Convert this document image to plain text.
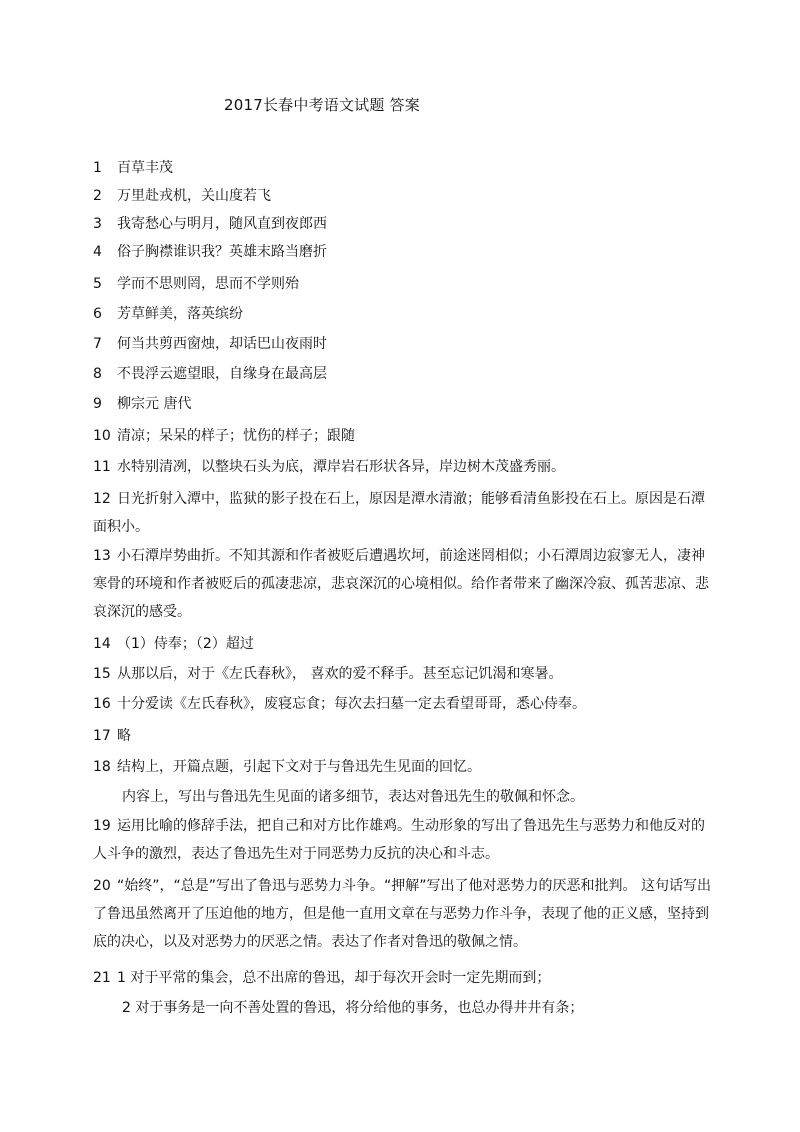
2017长春中考语文试题 答案
1 百草丰茂
2 万里赴戎机，关山度若飞
3 我寄愁心与明月，随风直到夜郎西
4 俗子胸襟谁识我？英雄末路当磨折
5 学而不思则罔，思而不学则殆
6 芳草鲜美，落英缤纷
7 何当共剪西窗烛，却话巴山夜雨时
8 不畏浮云遮望眼，自缘身在最高层
9 柳宗元 唐代
10 清凉；呆呆的样子；忧伤的样子；跟随
11 水特别清冽，以整块石头为底，潭岸岩石形状各异，岸边树木茂盛秀丽。
12 日光折射入潭中，监狱的影子投在石上，原因是潭水清澈；能够看清鱼影投在石上。原因是石潭面积小。
13 小石潭岸势曲折。不知其源和作者被贬后遭遇坎坷，前途迷罔相似；小石潭周边寂寥无人，凄神寒骨的环境和作者被贬后的孤凄悲凉，悲哀深沉的心境相似。给作者带来了幽深冷寂、孤苦悲凉、悲哀深沉的感受。
14 （1）侍奉；（2）超过
15 从那以后，对于《左氏春秋》， 喜欢的爱不释手。甚至忘记饥渴和寒暑。
16 十分爱读《左氏春秋》，废寝忘食；每次去扫墓一定去看望哥哥，悉心侍奉。
17 略
18 结构上，开篇点题，引起下文对于与鲁迅先生见面的回忆。
内容上，写出与鲁迅先生见面的诸多细节，表达对鲁迅先生的敬佩和怀念。
19 运用比喻的修辞手法，把自己和对方比作雄鸡。生动形象的写出了鲁迅先生与恶势力和他反对的人斗争的激烈，表达了鲁迅先生对于同恶势力反抗的决心和斗志。
20 “始终”，“总是”写出了鲁迅与恶势力斗争。“押解”写出了他对恶势力的厌恶和批判。 这句话写出了鲁迅虽然离开了压迫他的地方，但是他一直用文章在与恶势力作斗争，表现了他的正义感，坚持到底的决心，以及对恶势力的厌恶之情。表达了作者对鲁迅的敬佩之情。
21 1 对于平常的集会，总不出席的鲁迅，却于每次开会时一定先期而到；
2 对于事务是一向不善处置的鲁迅，将分给他的事务，也总办得井井有条；
